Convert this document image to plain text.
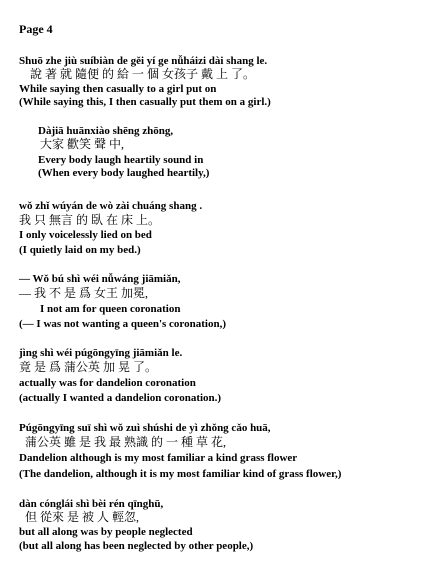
Page 4
Shuō zhe jiù suíbiàn de gěi yí ge nǚháizi dài shang le.
說 著 就 隨便 的 給 一 個 女孩子 戴 上 了。
While saying then casually to a girl put on
(While saying this, I then casually put them on a girl.)
Dàjiā huānxiào shēng zhōng,
大家 歡笑 聲 中,
Every body laugh heartily sound in
(When every body laughed heartily,)
wǒ zhǐ wúyán de wò zài chuáng shang .
我 只 無言 的 臥 在 床 上。
I only voicelessly lied on bed
(I quietly laid on my bed.)
— Wǒ bú shì wéi nǚwáng jiāmiǎn,
— 我 不 是 爲 女王 加冕,
I not am for queen coronation
(— I was not wanting a queen's coronation,)
jìng shì wéi púgōngyīng jiāmiǎn le.
竟 是 爲 蒲公英 加 晃 了。
actually was for dandelion coronation
(actually I wanted a dandelion coronation.)
Púgōngyīng suī shì wǒ zuì shúshi de yì zhǒng cǎo huā,
蒲公英 雖 是 我 最 熟識 的 一 種 草 花,
Dandelion although is my most familiar a kind grass flower
(The dandelion, although it is my most familiar kind of grass flower,)
dàn cónglái shì bèi rén qīnghū,
但 從來 是 被 人 輕忽,
but all along was by people neglected
(but all along has been neglected by other people,)
